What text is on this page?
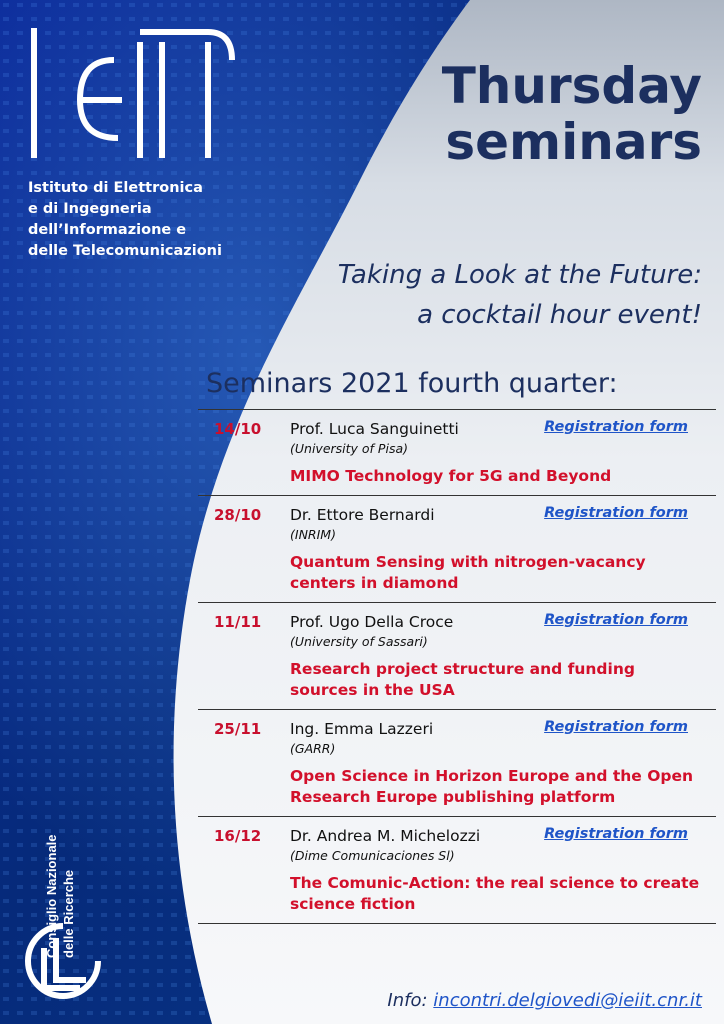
IEIIT
Istituto di Elettronica
e di Ingegneria
dell’Informazione e
delle Telecomunicazioni
Thursday
seminars
Taking a Look at the Future:
a cocktail hour event!
Seminars 2021 fourth quarter:
14/10	Registration form
Prof. Luca Sanguinetti
(University of Pisa)
MIMO Technology for 5G and Beyond
28/10	Registration form
Dr. Ettore Bernardi
(INRIM)
Quantum Sensing with nitrogen-vacancy
centers in diamond
11/11	Registration form
Prof. Ugo Della Croce
(University of Sassari)
Research project structure and funding
sources in the USA
25/11	Registration form
Ing. Emma Lazzeri
(GARR)
Open Science in Horizon Europe and the Open
Research Europe publishing platform
16/12	Registration form
Dr. Andrea M. Michelozzi
(Dime Comunicaciones Sl)
The Comunic-Action: the real science to create
science fiction
Info: incontri.delgiovedi@ieiit.cnr.it
Consiglio Nazionale delle Ricerche
